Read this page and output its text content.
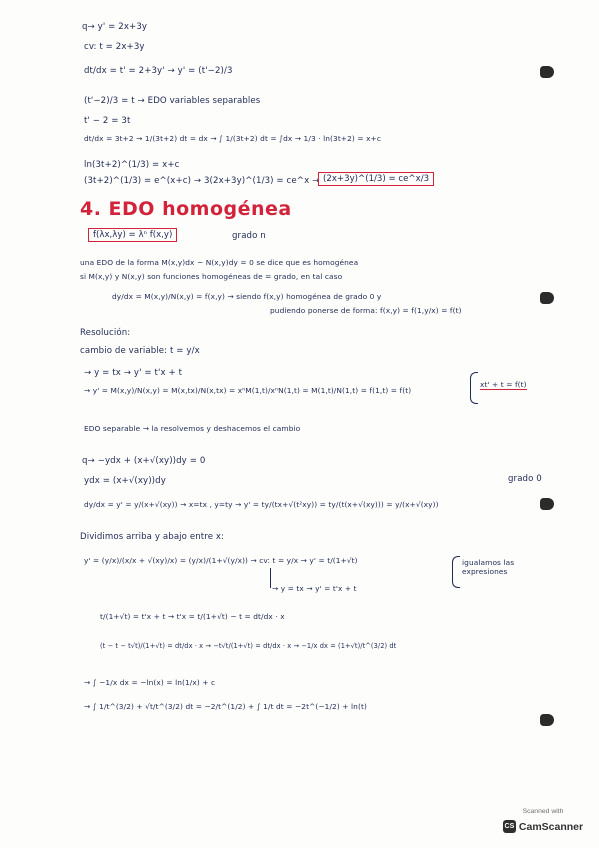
q→ y' = 2x+3y
cv: t = 2x+3y
dt/dx = t' = 2+3y' → y' = (t'−2)/3
(t'−2)/3 = t → EDO variables separables
t' − 2 = 3t
dt/dx = 3t+2 → 1/(3t+2) dt = dx → ∫ 1/(3t+2) dt = ∫dx → 1/3 · ln(3t+2) = x+c
ln(3t+2)^(1/3) = x+c
(3t+2)^(1/3) = e^(x+c) → 3(2x+3y)^(1/3) = ce^x → (2x+3y)^(1/3) = ce^x/3
4. EDO homogénea
f(λx,λy) = λⁿ f(x,y)	grado n
una EDO de la forma M(x,y)dx − N(x,y)dy = 0 se dice que es homogénea
si M(x,y) y N(x,y) son funciones homogéneas de = grado, en tal caso
dy/dx = M(x,y)/N(x,y) = f(x,y) → siendo f(x,y) homogénea de grado 0 y
pudiendo ponerse de forma: f(x,y) = f(1,y/x) = f(t)
Resolución:
cambio de variable: t = y/x
→ y = tx → y' = t'x + t
→ y' = M(x,y)/N(x,y) = M(x,tx)/N(x,tx) = xⁿM(1,t)/xⁿN(1,t) = M(1,t)/N(1,t) = f(1,t) = f(t)
xt' + t = f(t)
EDO separable → la resolvemos y deshacemos el cambio
q→ −ydx + (x+√(xy))dy = 0
ydx = (x+√(xy))dy
dy/dx = y' = y/(x+√(xy)) → x=tx , y=ty → y' = ty/(tx+√(t²xy)) = ty/(t(x+√(xy))) = y/(x+√(xy))
grado 0
Dividimos arriba y abajo entre x:
y' = (y/x)/(x/x + √(xy)/x) = (y/x)/(1+√(y/x)) → cv: t = y/x → y' = t/(1+√t)
→ y = tx → y' = t'x + t
igualamos las expresiones
t/(1+√t) = t'x + t → t'x = t/(1+√t) − t = dt/dx · x
(t − t − t√t)/(1+√t) = dt/dx · x → −t√t/(1+√t) = dt/dx · x → −1/x dx = (1+√t)/t^(3/2) dt
→ ∫ −1/x dx = −ln(x) = ln(1/x) + c
→ ∫ 1/t^(3/2) + √t/t^(3/2) dt = −2/t^(1/2) + ∫ 1/t dt = −2t^(−1/2) + ln(t)
Scanned with
CS CamScanner
